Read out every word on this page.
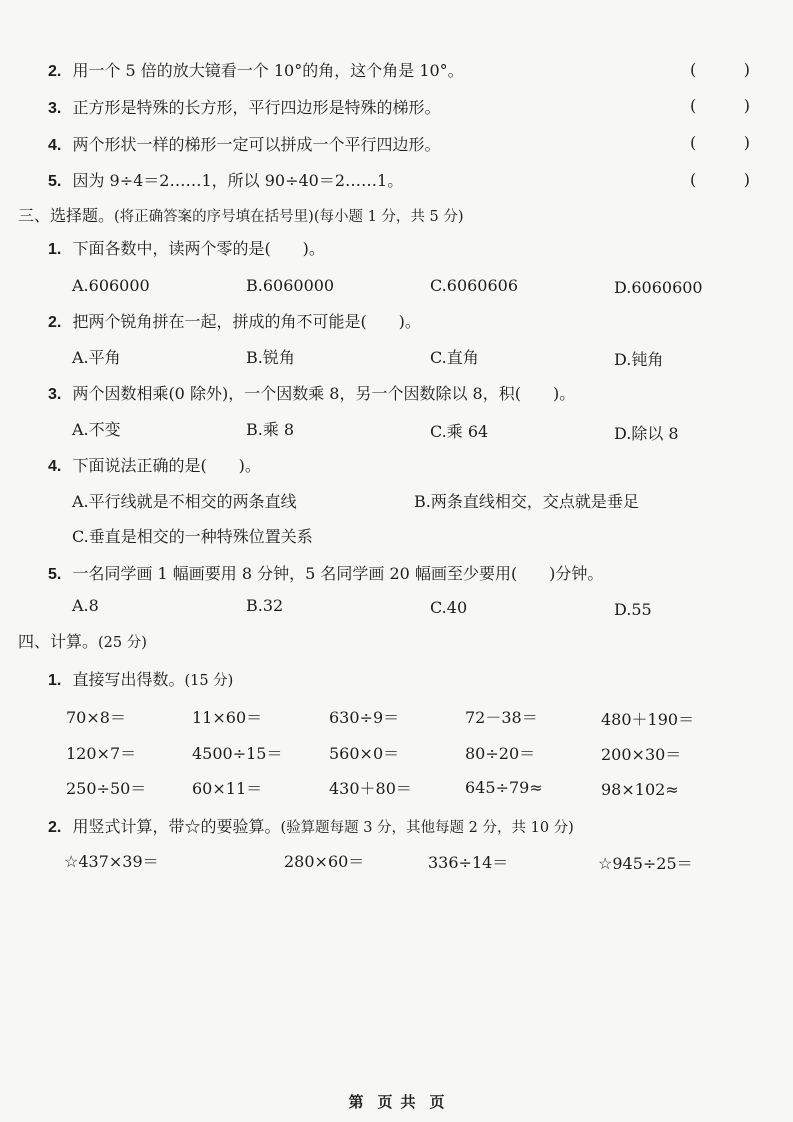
2. 用一个 5 倍的放大镜看一个 10°的角，这个角是 10°。	(	)
3. 正方形是特殊的长方形，平行四边形是特殊的梯形。	(	)
4. 两个形状一样的梯形一定可以拼成一个平行四边形。	(	)
5. 因为 9÷4＝2……1，所以 90÷40＝2……1。	(	)
三、选择题。(将正确答案的序号填在括号里)(每小题 1 分，共 5 分)
1. 下面各数中，读两个零的是(　　)。
A.606000	B.6060000	C.6060606	D.6060600
2. 把两个锐角拼在一起，拼成的角不可能是(　　)。
A.平角	B.锐角	C.直角	D.钝角
3. 两个因数相乘(0 除外)，一个因数乘 8，另一个因数除以 8，积(　　)。
A.不变	B.乘 8	C.乘 64	D.除以 8
4. 下面说法正确的是(　　)。
A.平行线就是不相交的两条直线	B.两条直线相交，交点就是垂足
C.垂直是相交的一种特殊位置关系
5. 一名同学画 1 幅画要用 8 分钟，5 名同学画 20 幅画至少要用(　　)分钟。
A.8	B.32	C.40	D.55
四、计算。(25 分)
1. 直接写出得数。(15 分)
70×8＝	11×60＝	630÷9＝	72－38＝	480＋190＝
120×7＝	4500÷15＝	560×0＝	80÷20＝	200×30＝
250÷50＝	60×11＝	430＋80＝	645÷79≈	98×102≈
2. 用竖式计算，带☆的要验算。(验算题每题 3 分，其他每题 2 分，共 10 分)
☆437×39＝	280×60＝	336÷14＝	☆945÷25＝
第 页 共 页
